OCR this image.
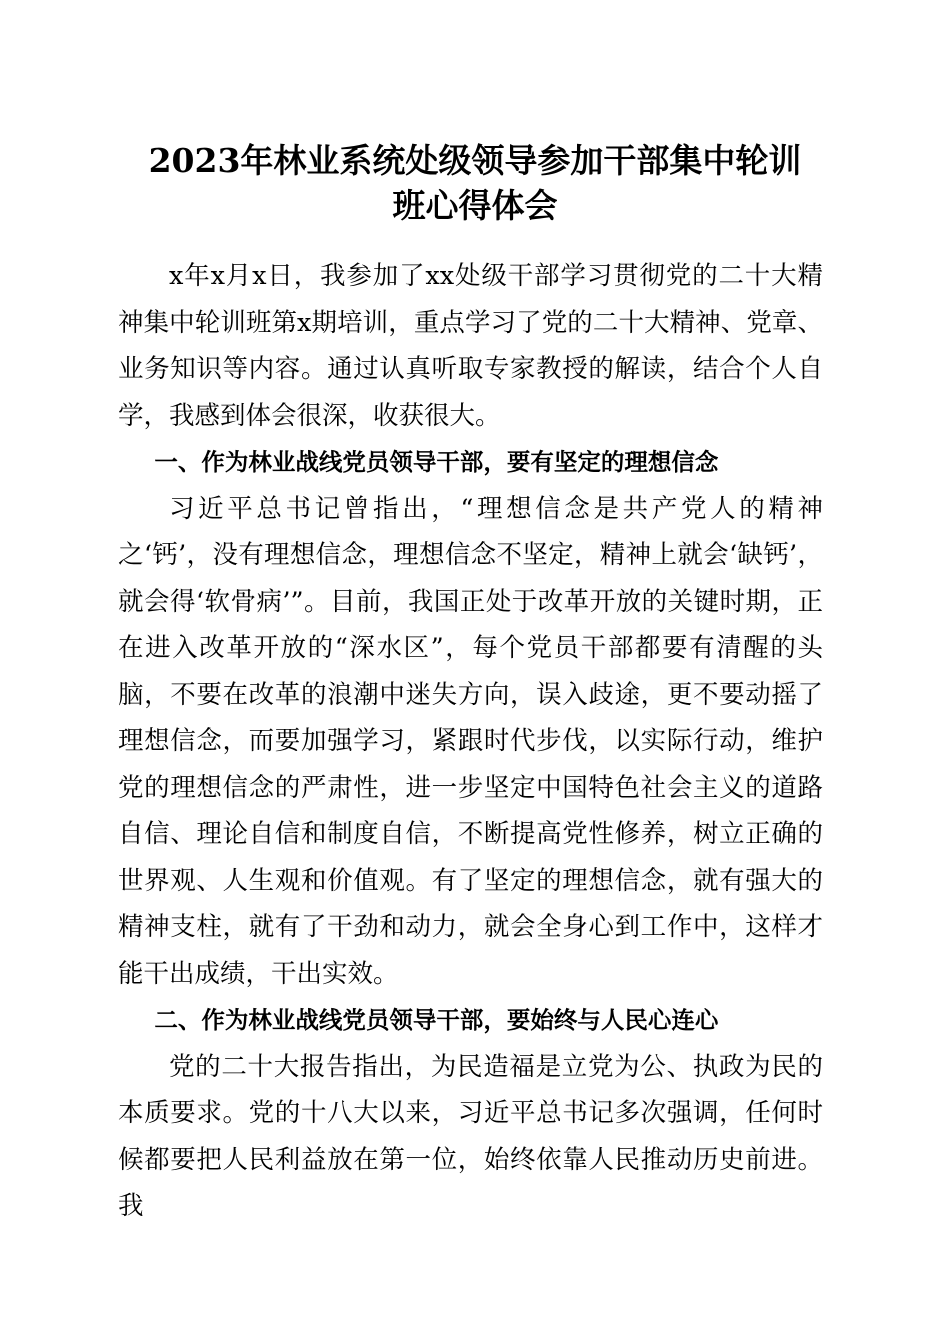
2023年林业系统处级领导参加干部集中轮训
班心得体会

x年x月x日，我参加了xx处级干部学习贯彻党的二十大精神集中轮训班第x期培训，重点学习了党的二十大精神、党章、业务知识等内容。通过认真听取专家教授的解读，结合个人自学，我感到体会很深，收获很大。

一、作为林业战线党员领导干部，要有坚定的理想信念

习近平总书记曾指出，“理想信念是共产党人的精神之‘钙’，没有理想信念，理想信念不坚定，精神上就会‘缺钙’，就会得‘软骨病’”。目前，我国正处于改革开放的关键时期，正在进入改革开放的“深水区”，每个党员干部都要有清醒的头脑，不要在改革的浪潮中迷失方向，误入歧途，更不要动摇了理想信念，而要加强学习，紧跟时代步伐，以实际行动，维护党的理想信念的严肃性，进一步坚定中国特色社会主义的道路自信、理论自信和制度自信，不断提高党性修养，树立正确的世界观、人生观和价值观。有了坚定的理想信念，就有强大的精神支柱，就有了干劲和动力，就会全身心到工作中，这样才能干出成绩，干出实效。

二、作为林业战线党员领导干部，要始终与人民心连心

党的二十大报告指出，为民造福是立党为公、执政为民的本质要求。党的十八大以来，习近平总书记多次强调，任何时候都要把人民利益放在第一位，始终依靠人民推动历史前进。我
